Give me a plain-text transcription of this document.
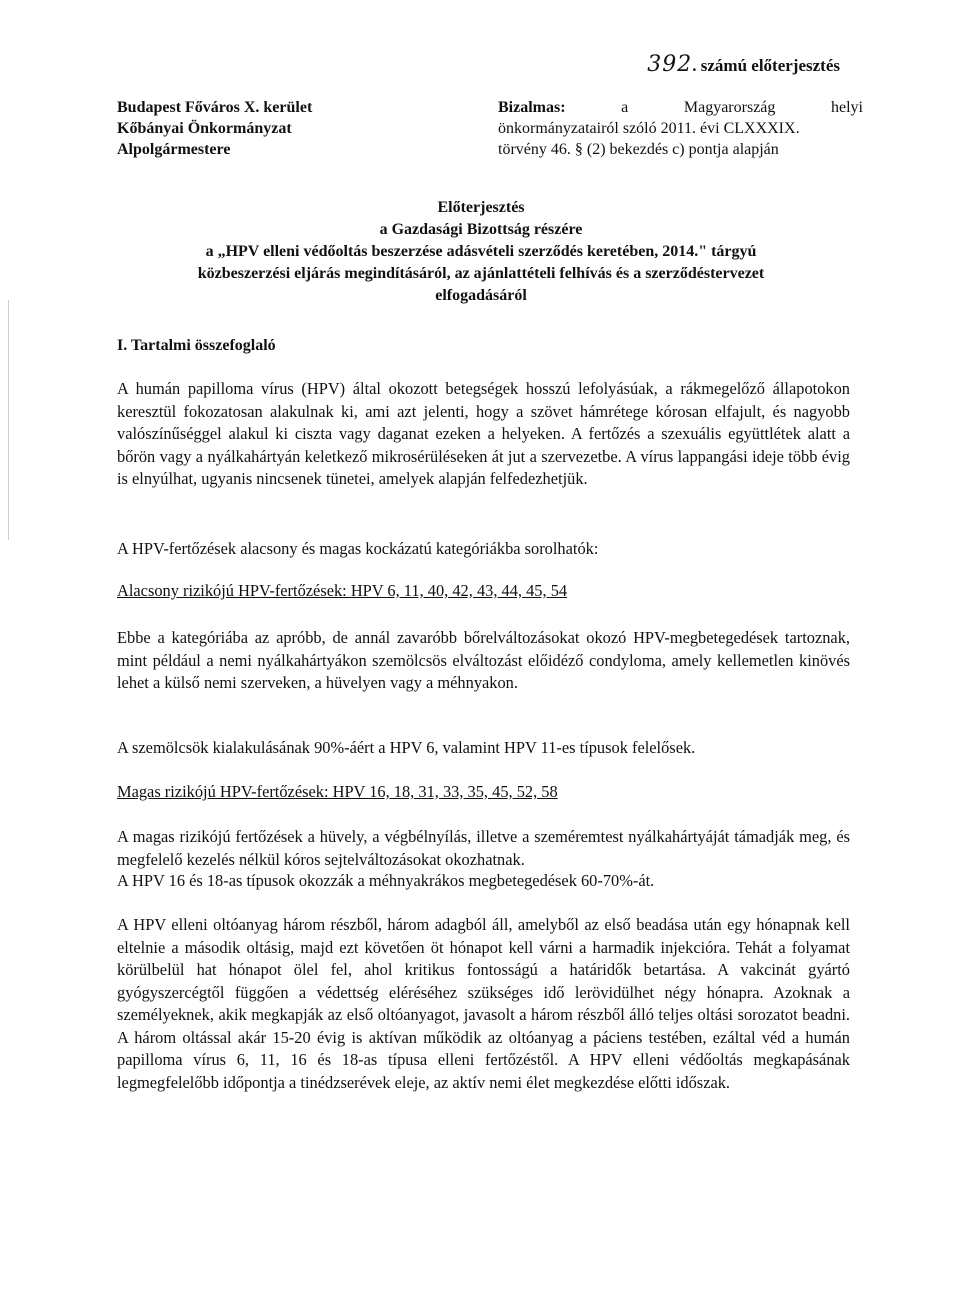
392. számú előterjesztés
Budapest Főváros X. kerület
Kőbányai Önkormányzat
Alpolgármestere
Bizalmas:	a	Magyarország	helyi
önkormányzatairól szóló 2011. évi CLXXXIX.
törvény 46. § (2) bekezdés c) pontja alapján
Előterjesztés
a Gazdasági Bizottság részére
a „HPV elleni védőoltás beszerzése adásvételi szerződés keretében, 2014." tárgyú
közbeszerzési eljárás megindításáról, az ajánlattételi felhívás és a szerződéstervezet
elfogadásáról
I. Tartalmi összefoglaló

A humán papilloma vírus (HPV) által okozott betegségek hosszú lefolyásúak, a rákmegelőző állapotokon keresztül fokozatosan alakulnak ki, ami azt jelenti, hogy a szövet hámrétege kórosan elfajult, és nagyobb valószínűséggel alakul ki ciszta vagy daganat ezeken a helyeken. A fertőzés a szexuális együttlétek alatt a bőrön vagy a nyálkahártyán keletkező mikrosérüléseken át jut a szervezetbe. A vírus lappangási ideje több évig is elnyúlhat, ugyanis nincsenek tünetei, amelyek alapján felfedezhetjük.

A HPV-fertőzések alacsony és magas kockázatú kategóriákba sorolhatók:

Alacsony rizikójú HPV-fertőzések: HPV 6, 11, 40, 42, 43, 44, 45, 54

Ebbe a kategóriába az apróbb, de annál zavaróbb bőrelváltozásokat okozó HPV-megbetegedések tartoznak, mint például a nemi nyálkahártyákon szemölcsös elváltozást előidéző condyloma, amely kellemetlen kinövés lehet a külső nemi szerveken, a hüvelyen vagy a méhnyakon.

A szemölcsök kialakulásának 90%-áért a HPV 6, valamint HPV 11-es típusok felelősek.

Magas rizikójú HPV-fertőzések: HPV 16, 18, 31, 33, 35, 45, 52, 58

A magas rizikójú fertőzések a hüvely, a végbélnyílás, illetve a szeméremtest nyálkahártyáját támadják meg, és megfelelő kezelés nélkül kóros sejtelváltozásokat okozhatnak.

A HPV 16 és 18-as típusok okozzák a méhnyakrákos megbetegedések 60-70%-át.

A HPV elleni oltóanyag három részből, három adagból áll, amelyből az első beadása után egy hónapnak kell eltelnie a második oltásig, majd ezt követően öt hónapot kell várni a harmadik injekcióra. Tehát a folyamat körülbelül hat hónapot ölel fel, ahol kritikus fontosságú a határidők betartása. A vakcinát gyártó gyógyszercégtől függően a védettség eléréséhez szükséges idő lerövidülhet négy hónapra. Azoknak a személyeknek, akik megkapják az első oltóanyagot, javasolt a három részből álló teljes oltási sorozatot beadni. A három oltással akár 15-20 évig is aktívan működik az oltóanyag a páciens testében, ezáltal véd a humán papilloma vírus 6, 11, 16 és 18-as típusa elleni fertőzéstől. A HPV elleni védőoltás megkapásának legmegfelelőbb időpontja a tinédzserévek eleje, az aktív nemi élet megkezdése előtti időszak.
